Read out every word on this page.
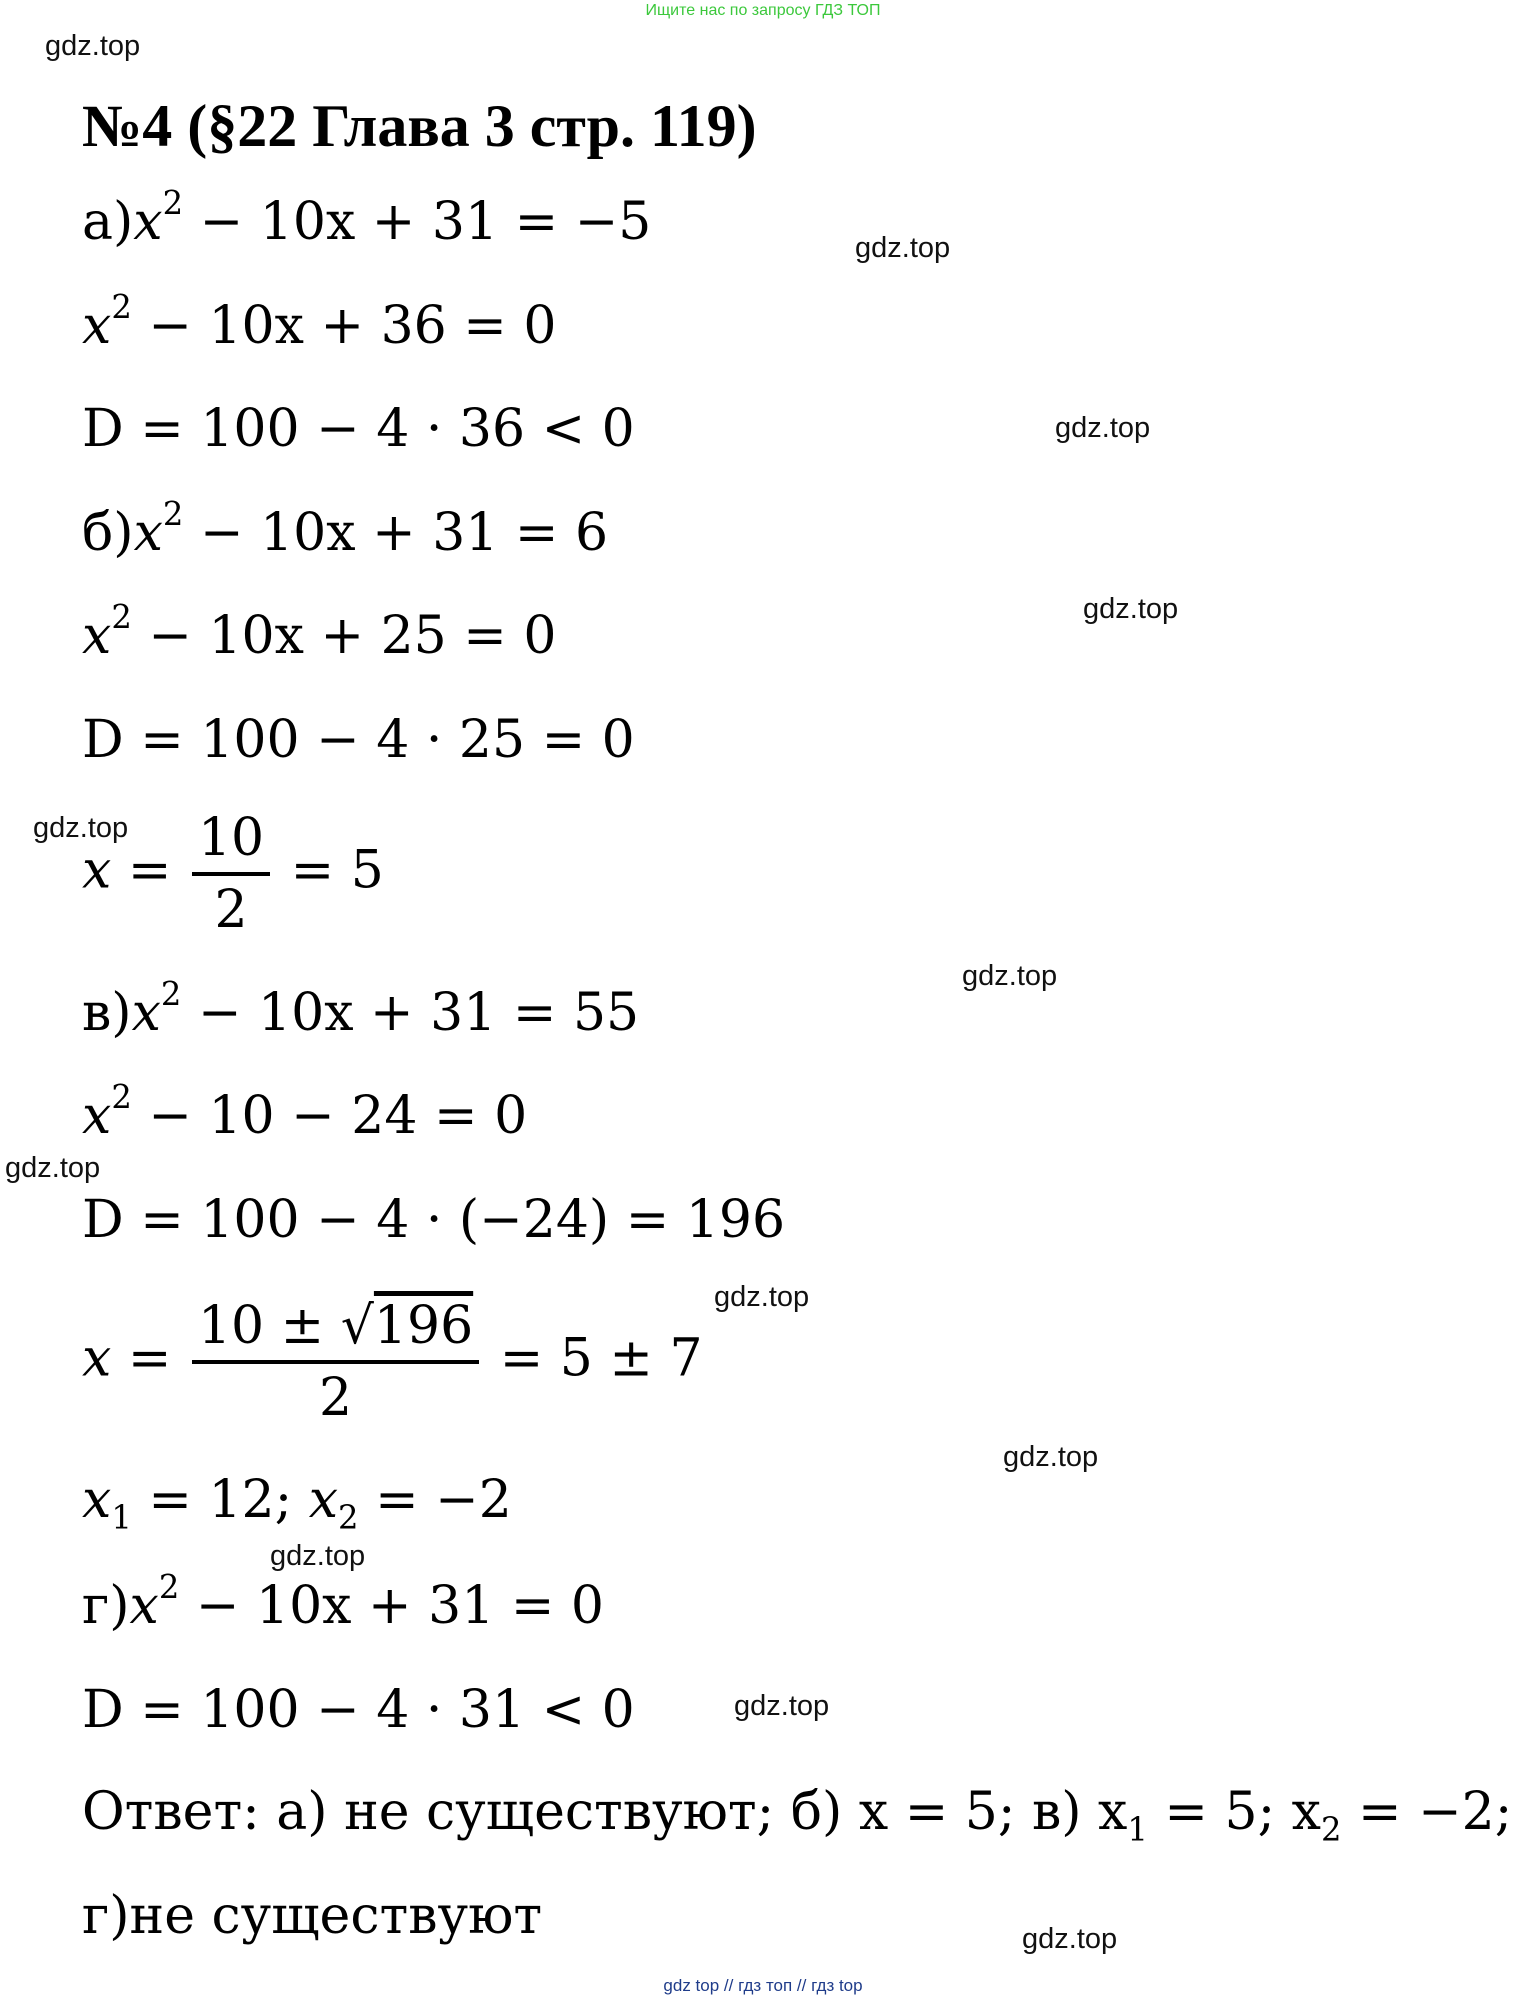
Ищите нас по запросу ГДЗ ТОП
gdz.top
gdz.top
gdz.top
gdz.top
gdz.top
gdz.top
gdz.top
gdz.top
gdz.top
gdz.top
gdz.top
gdz.top
№4 (§22 Глава 3 стр. 119)
$а)x^2 - 10x + 31 = -5$
$x^2 - 10x + 36 = 0$
D = 100 − 4 · 36 < 0
$б)x^2 - 10x + 31 = 6$
$x^2 - 10x + 25 = 0$
D = 100 − 4 · 25 = 0
$x = \frac{10}{2} = 5$
$в)x^2 - 10x + 31 = 55$
$x^2 - 10 - 24 = 0$
D = 100 − 4 · (−24) = 196
$x = \frac{10 \pm √196}{2} = 5 \pm 7$
$x_1 = 12$; $x_2 = -2$
$г)x^2 - 10x + 31 = 0$
D = 100 − 4 · 31 < 0
Ответ: а) не существуют; б) x = 5; в) $x_1 = 5$; $x_2 = -2$;
г)не существуют
gdz top // гдз топ // гдз top
